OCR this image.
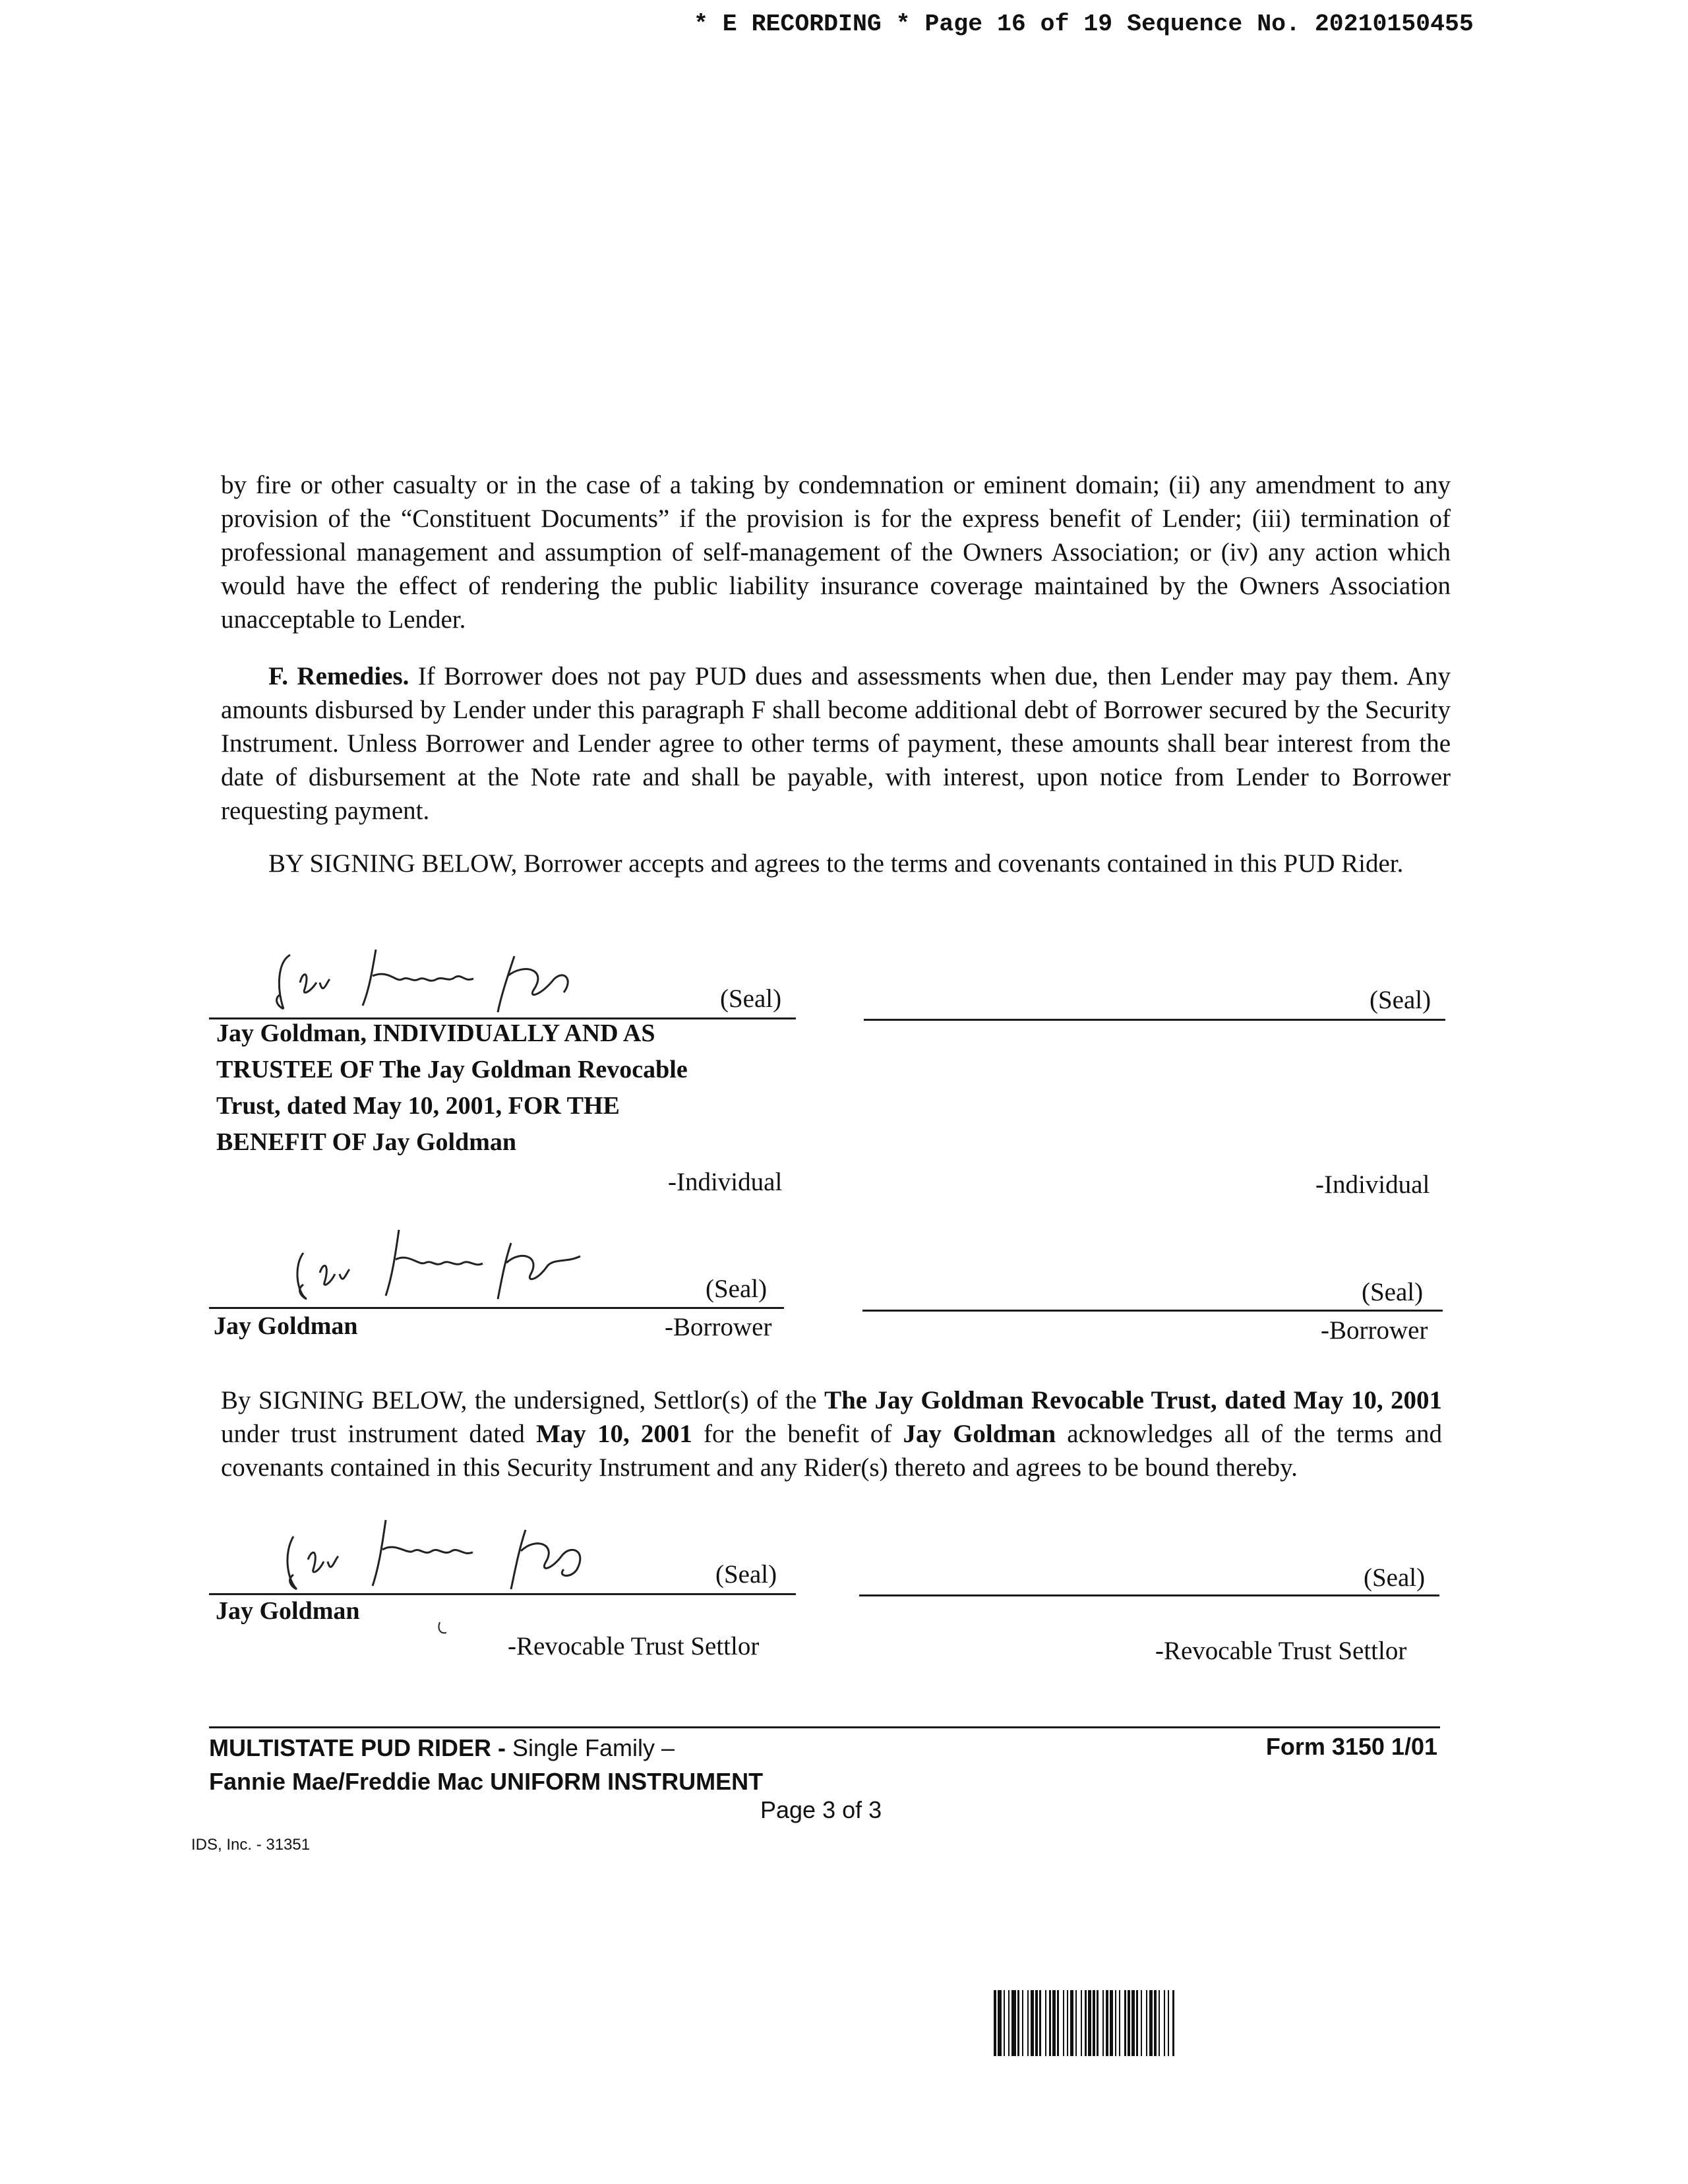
* E RECORDING * Page 16 of 19 Sequence No. 20210150455

by fire or other casualty or in the case of a taking by condemnation or eminent domain; (ii) any amendment to any provision of the “Constituent Documents” if the provision is for the express benefit of Lender; (iii) termination of professional management and assumption of self-management of the Owners Association; or (iv) any action which would have the effect of rendering the public liability insurance coverage maintained by the Owners Association unacceptable to Lender.

F. Remedies. If Borrower does not pay PUD dues and assessments when due, then Lender may pay them. Any amounts disbursed by Lender under this paragraph F shall become additional debt of Borrower secured by the Security Instrument. Unless Borrower and Lender agree to other terms of payment, these amounts shall bear interest from the date of disbursement at the Note rate and shall be payable, with interest, upon notice from Lender to Borrower requesting payment.

BY SIGNING BELOW, Borrower accepts and agrees to the terms and covenants contained in this PUD Rider.

(Seal)	(Seal)
Jay Goldman, INDIVIDUALLY AND AS
TRUSTEE OF The Jay Goldman Revocable
Trust, dated May 10, 2001, FOR THE
BENEFIT OF Jay Goldman
-Individual	-Individual
(Seal)	(Seal)
Jay Goldman	-Borrower	-Borrower

By SIGNING BELOW, the undersigned, Settlor(s) of the The Jay Goldman Revocable Trust, dated May 10, 2001 under trust instrument dated May 10, 2001 for the benefit of Jay Goldman acknowledges all of the terms and covenants contained in this Security Instrument and any Rider(s) thereto and agrees to be bound thereby.

(Seal)	(Seal)
Jay Goldman
-Revocable Trust Settlor	-Revocable Trust Settlor
MULTISTATE PUD RIDER - Single Family –
Fannie Mae/Freddie Mac UNIFORM INSTRUMENT
Form 3150 1/01
Page 3 of 3
IDS, Inc. - 31351
